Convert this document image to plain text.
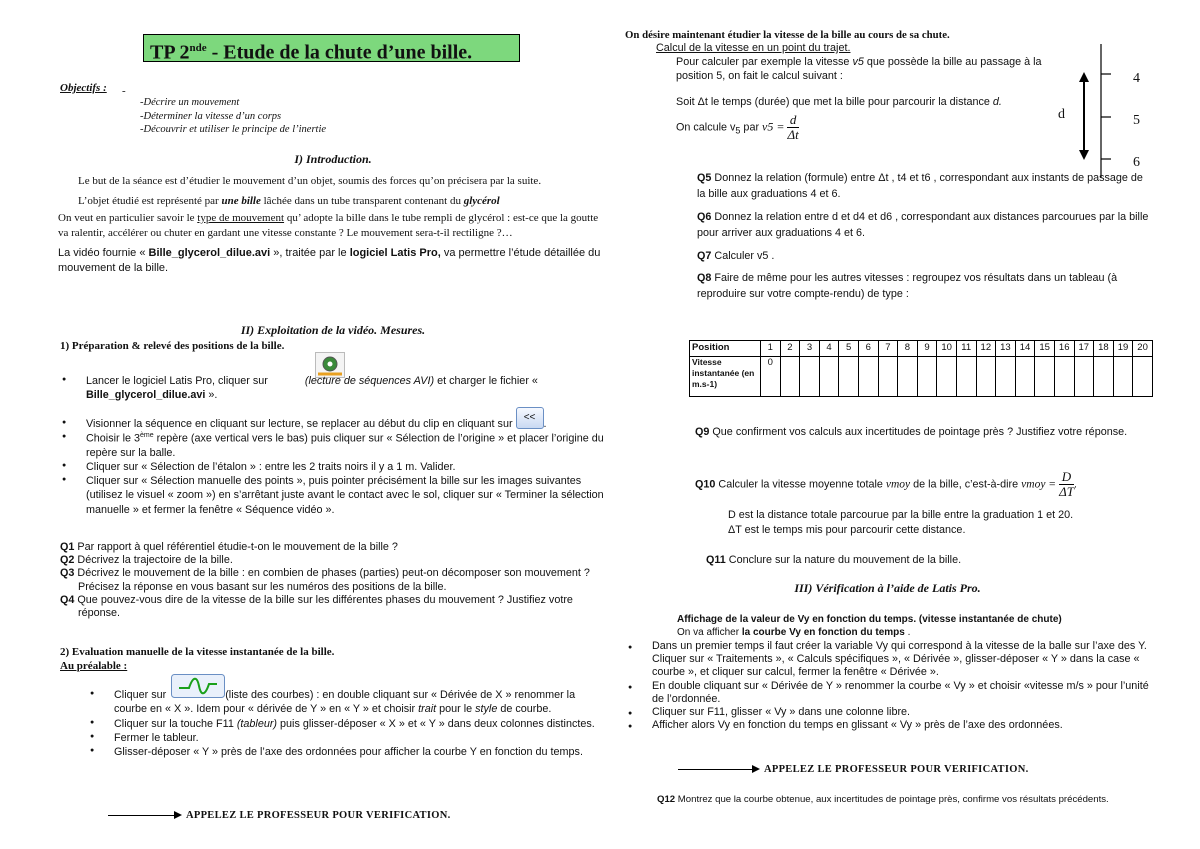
TP 2nde - Etude de la chute d’une bille.
Objectifs : -
-Décrire un mouvement
-Déterminer la vitesse d’un corps
-Découvrir et utiliser le principe de l’inertie
I) Introduction.

Le but de la séance est d’étudier le mouvement d’un objet, soumis des forces qu’on précisera par la suite.

L’objet étudié est représenté par une bille lâchée dans un tube transparent contenant du glycérol

On veut en particulier savoir le type de mouvement qu’ adopte la bille dans le tube rempli de glycérol : est-ce que la goutte va ralentir, accélérer ou chuter en gardant une vitesse constante ? Le mouvement sera-t-il rectiligne ?…

La vidéo fournie « Bille_glycerol_dilue.avi », traitée par le logiciel Latis Pro, va permettre l’étude détaillée du mouvement de la bille.

II) Exploitation de la vidéo. Mesures.
1) Préparation & relevé des positions de la bille.
● Lancer le logiciel Latis Pro, cliquer sur	(lecture de séquences AVI) et charger le fichier « Bille_glycerol_dilue.avi ».
● Visionner la séquence en cliquant sur lecture, se replacer au début du clip en cliquant sur <<.
● Choisir le 3ème repère (axe vertical vers le bas) puis cliquer sur « Sélection de l’origine » et placer l’origine du repère sur la balle.
● Cliquer sur « Sélection de l’étalon » : entre les 2 traits noirs il y a 1 m. Valider.
● Cliquer sur « Sélection manuelle des points », puis pointer précisément la bille sur les images suivantes (utilisez le visuel « zoom ») en s’arrêtant juste avant le contact avec le sol, cliquer sur « Terminer la sélection manuelle » et fermer la fenêtre « Séquence vidéo ».
Q1 Par rapport à quel référentiel étudie-t-on le mouvement de la bille ?
Q2 Décrivez la trajectoire de la bille.
Q3 Décrivez le mouvement de la bille : en combien de phases (parties) peut-on décomposer son mouvement ? Précisez la réponse en vous basant sur les numéros des positions de la bille.
Q4 Que pouvez-vous dire de la vitesse de la bille sur les différentes phases du mouvement ? Justifiez votre réponse.
2) Evaluation manuelle de la vitesse instantanée de la bille.
Au préalable :
● Cliquer sur	(liste des courbes) : en double cliquant sur « Dérivée de X » renommer la courbe en « X ». Idem pour « dérivée de Y » en « Y » et choisir trait pour le style de courbe.
● Cliquer sur la touche F11 (tableur) puis glisser-déposer « X » et « Y » dans deux colonnes distinctes.
● Fermer le tableur.
● Glisser-déposer « Y » près de l’axe des ordonnées pour afficher la courbe Y en fonction du temps.
APPELEZ LE PROFESSEUR POUR VERIFICATION.
On désire maintenant étudier la vitesse de la bille au cours de sa chute.
Calcul de la vitesse en un point du trajet.

Pour calculer par exemple la vitesse v5 que possède la bille au passage à la position 5, on fait le calcul suivant :

Soit Δt le temps (durée) que met la bille pour parcourir la distance d.

On calcule $v_5$ par $v5 = \frac{d}{\Delta t}$	d
4
5
6
Q5 Donnez la relation (formule) entre Δt , t4 et t6 , correspondant aux instants de passage de la bille aux graduations 4 et 6.
Q6 Donnez la relation entre d et d4 et d6 , correspondant aux distances parcourues par la bille pour arriver aux graduations 4 et 6.
Q7 Calculer v5 .
Q8 Faire de même pour les autres vitesses : regroupez vos résultats dans un tableau (à reproduire sur votre compte-rendu) de type :
Position	1	2	3	4	5	6	7	8	9	10	11	12	13	14	15	16	17	18	19	20
Vitesse instantanée (en m.s-1)	0																			
Q9 Que confirment vos calculs aux incertitudes de pointage près ? Justifiez votre réponse.
Q10 Calculer la vitesse moyenne totale vmoy de la bille, c’est-à-dire vmoy = $\frac{D}{\Delta T}$ .
D est la distance totale parcourue par la bille entre la graduation 1 et 20.
ΔT est le temps mis pour parcourir cette distance.
Q11 Conclure sur la nature du mouvement de la bille.
III) Vérification à l’aide de Latis Pro.
Affichage de la valeur de Vy en fonction du temps. (vitesse instantanée de chute)
On va afficher la courbe Vy en fonction du temps .
● Dans un premier temps il faut créer la variable Vy qui correspond à la vitesse de la balle sur l’axe des Y. Cliquer sur « Traitements », « Calculs spécifiques », « Dérivée », glisser-déposer « Y » dans la case « courbe », et cliquer sur calcul, fermer la fenêtre « Dérivée ».
● En double cliquant sur « Dérivée de Y » renommer la courbe « Vy » et choisir «vitesse m/s » pour l’unité de l’ordonnée.
● Cliquer sur F11, glisser « Vy » dans une colonne libre.
● Afficher alors Vy en fonction du temps en glissant « Vy » près de l’axe des ordonnées.
APPELEZ LE PROFESSEUR POUR VERIFICATION.
Q12 Montrez que la courbe obtenue, aux incertitudes de pointage près, confirme vos résultats précédents.
